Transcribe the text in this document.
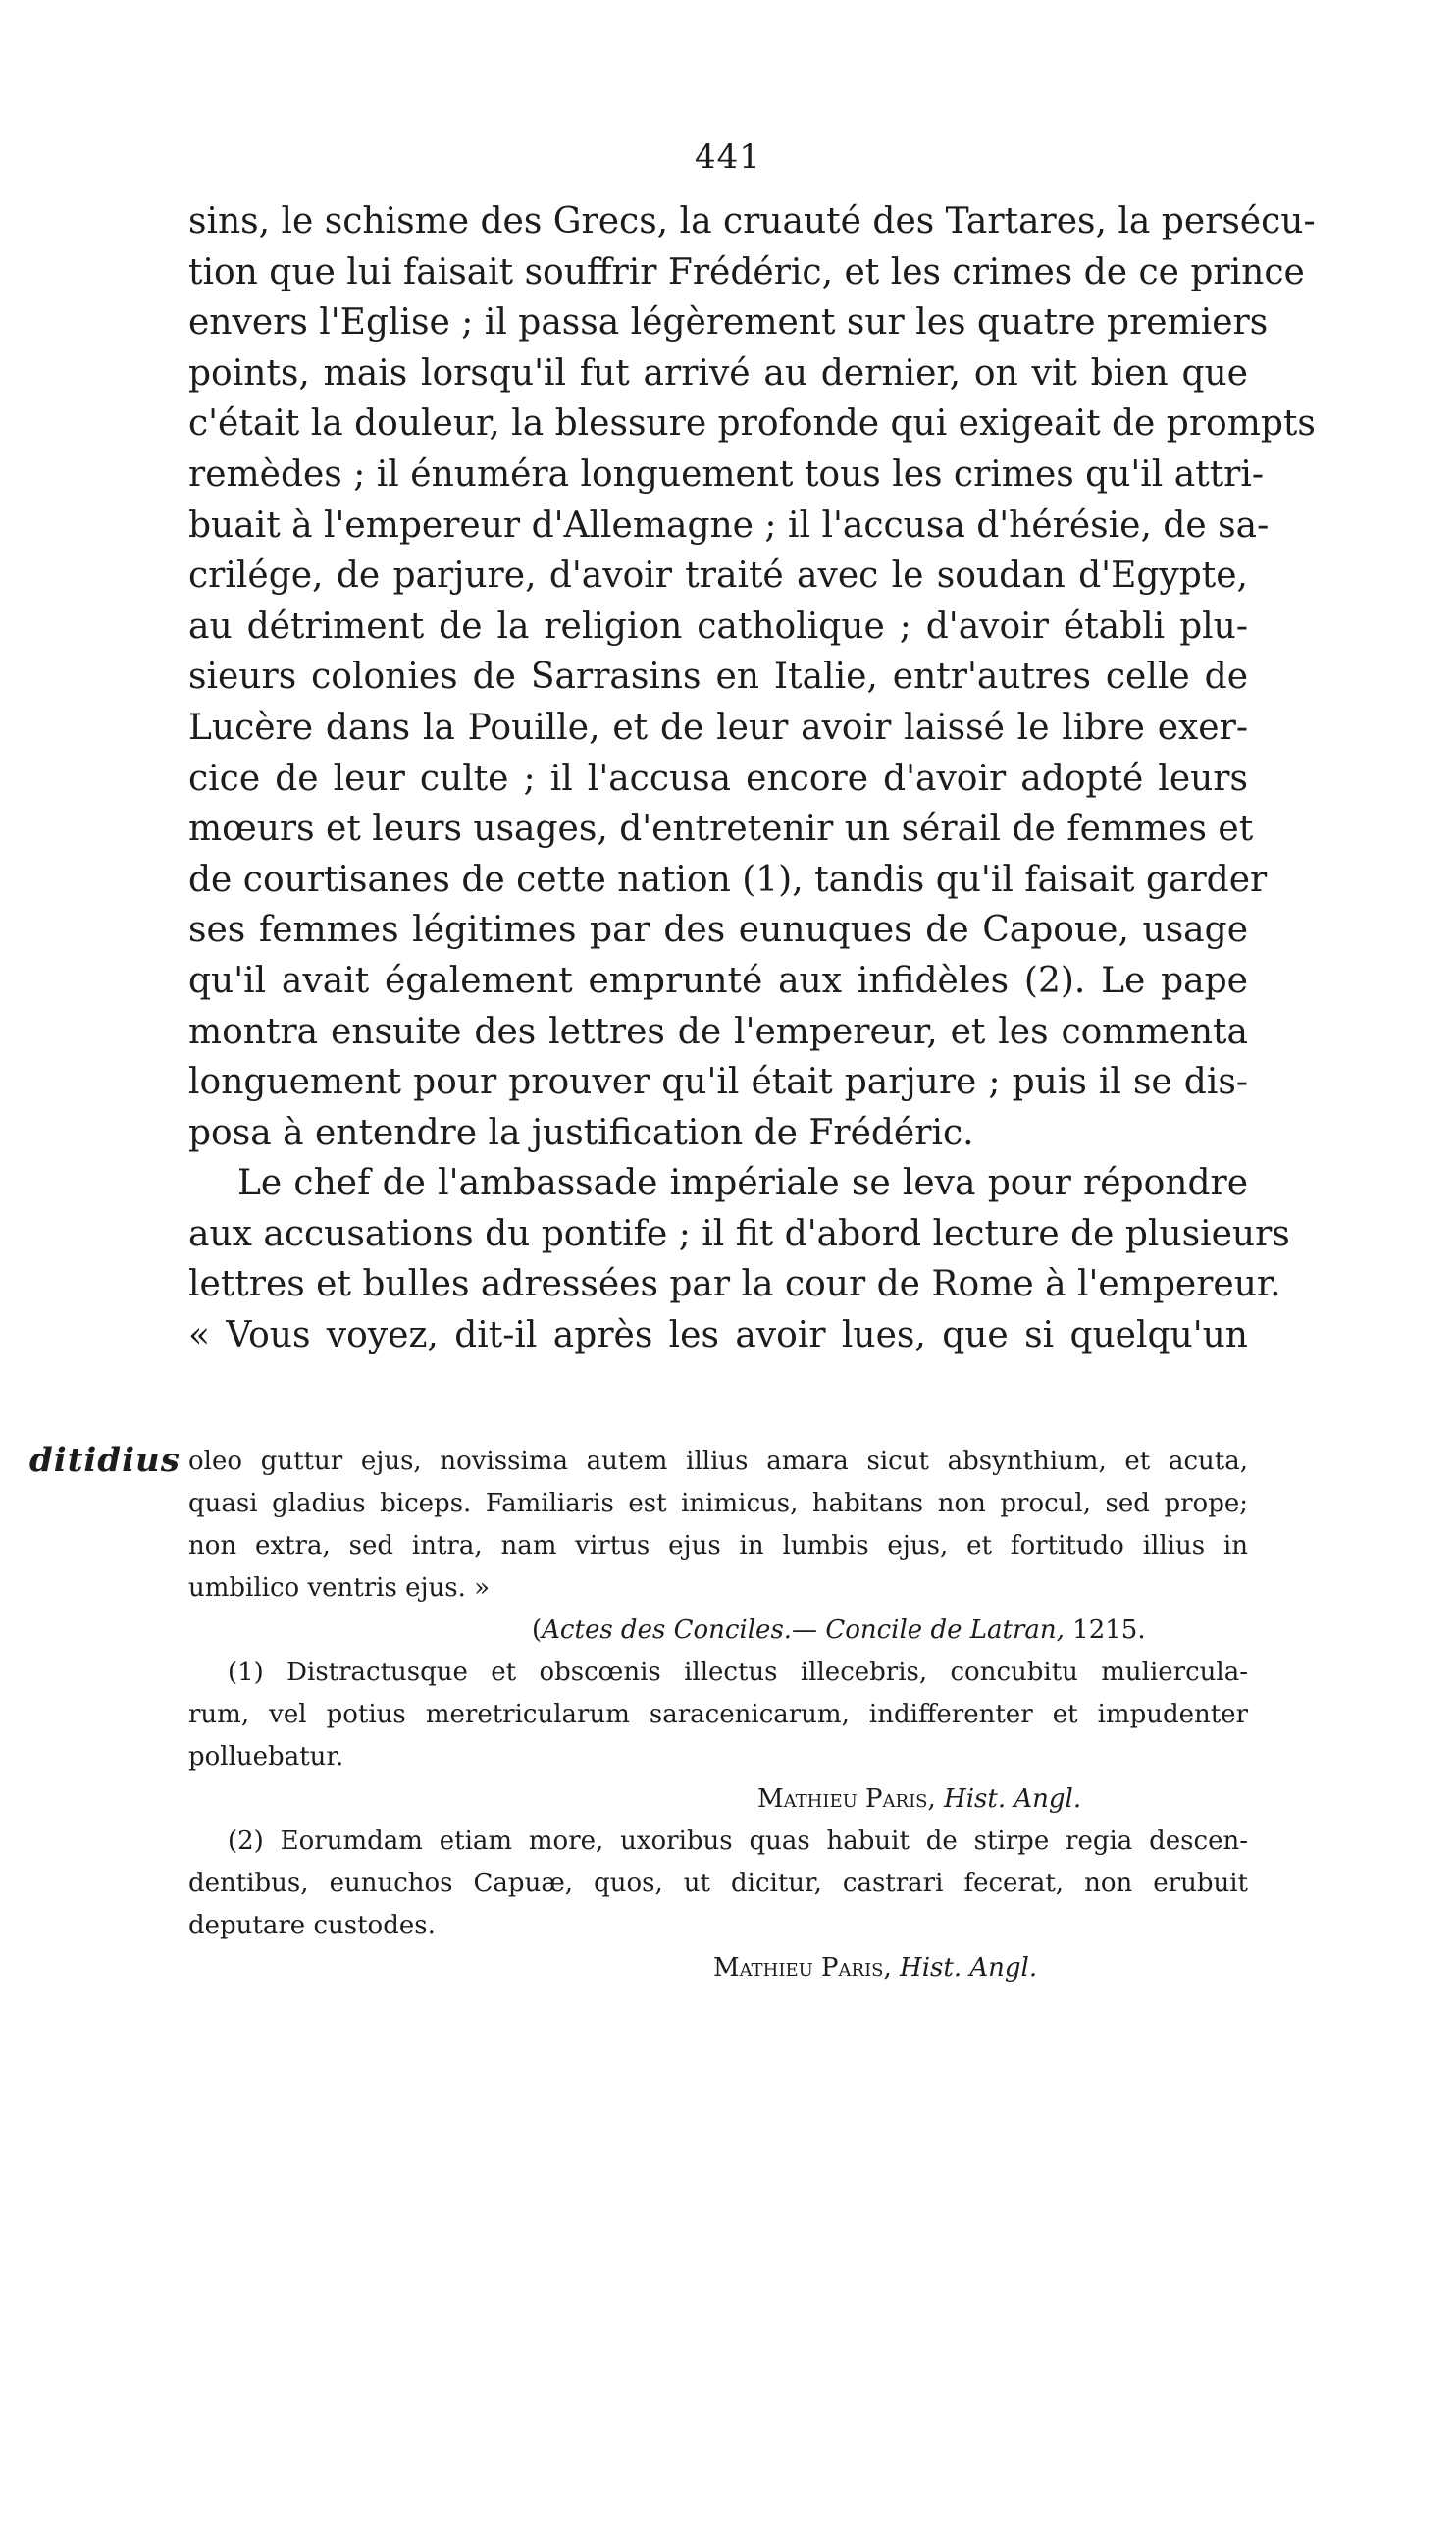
441
sins, le schisme des Grecs, la cruauté des Tartares, la persécu-
tion que lui faisait souffrir Frédéric, et les crimes de ce prince
envers l'Eglise ; il passa légèrement sur les quatre premiers
points, mais lorsqu'il fut arrivé au dernier, on vit bien que
c'était la douleur, la blessure profonde qui exigeait de prompts
remèdes ; il énuméra longuement tous les crimes qu'il attri-
buait à l'empereur d'Allemagne ; il l'accusa d'hérésie, de sa-
crilége, de parjure, d'avoir traité avec le soudan d'Egypte,
au détriment de la religion catholique ; d'avoir établi plu-
sieurs colonies de Sarrasins en Italie, entr'autres celle de
Lucère dans la Pouille, et de leur avoir laissé le libre exer-
cice de leur culte ; il l'accusa encore d'avoir adopté leurs
mœurs et leurs usages, d'entretenir un sérail de femmes et
de courtisanes de cette nation (1), tandis qu'il faisait garder
ses femmes légitimes par des eunuques de Capoue, usage
qu'il avait également emprunté aux infidèles (2). Le pape
montra ensuite des lettres de l'empereur, et les commenta
longuement pour prouver qu'il était parjure ; puis il se dis-
posa à entendre la justification de Frédéric.
Le chef de l'ambassade impériale se leva pour répondre
aux accusations du pontife ; il fit d'abord lecture de plusieurs
lettres et bulles adressées par la cour de Rome à l'empereur.
« Vous voyez, dit-il après les avoir lues, que si quelqu'un
ditidius oleo guttur ejus, novissima autem illius amara sicut absynthium, et acuta,
quasi gladius biceps. Familiaris est inimicus, habitans non procul, sed prope;
non extra, sed intra, nam virtus ejus in lumbis ejus, et fortitudo illius in
umbilico ventris ejus. »
(Actes des Conciles.— Concile de Latran, 1215.
(1) Distractusque et obscœnis illectus illecebris, concubitu mulierculа-
rum, vel potius meretricularum saracenicarum, indifferenter et impudenter
polluebatur.
Mathieu Paris, Hist. Angl.
(2) Eorumdam etiam more, uxoribus quas habuit de stirpe regia descen-
dentibus, eunuchos Capuæ, quos, ut dicitur, castrari fecerat, non erubuit
deputare custodes.
Mathieu Paris, Hist. Angl.
